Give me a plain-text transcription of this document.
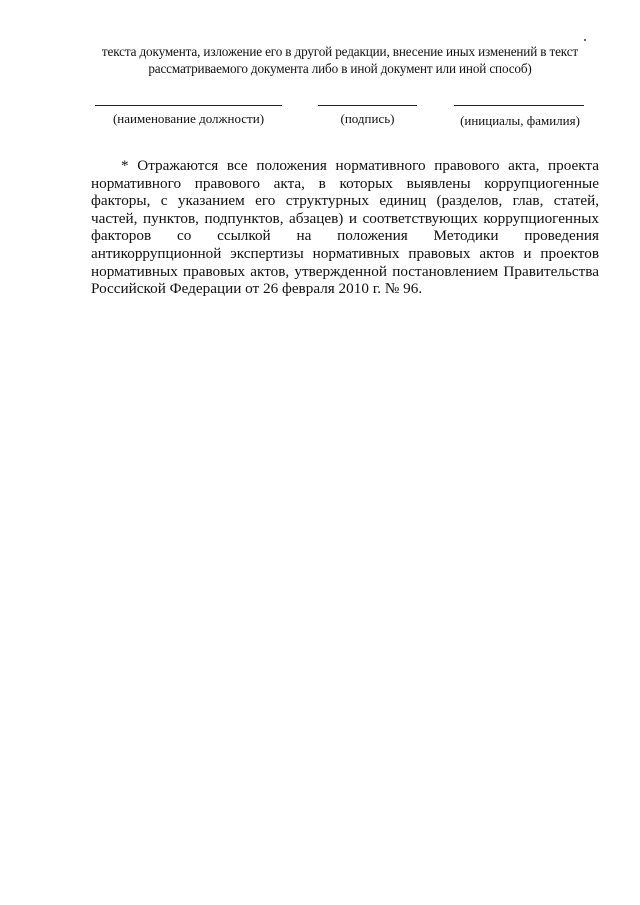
текста документа, изложение его в другой редакции, внесение иных изменений в текст
рассматриваемого документа либо в иной документ или иной способ)
(наименование должности)	(подпись)	(инициалы, фамилия)
* Отражаются все положения нормативного правового акта, проекта
нормативного правового акта, в которых выявлены коррупциогенные
факторы, с указанием его структурных единиц (разделов, глав, статей,
частей, пунктов, подпунктов, абзацев) и соответствующих коррупциогенных
факторов со ссылкой на положения Методики проведения
антикоррупционной экспертизы нормативных правовых актов и проектов
нормативных правовых актов, утвержденной постановлением Правительства
Российской Федерации от 26 февраля 2010 г. № 96.
